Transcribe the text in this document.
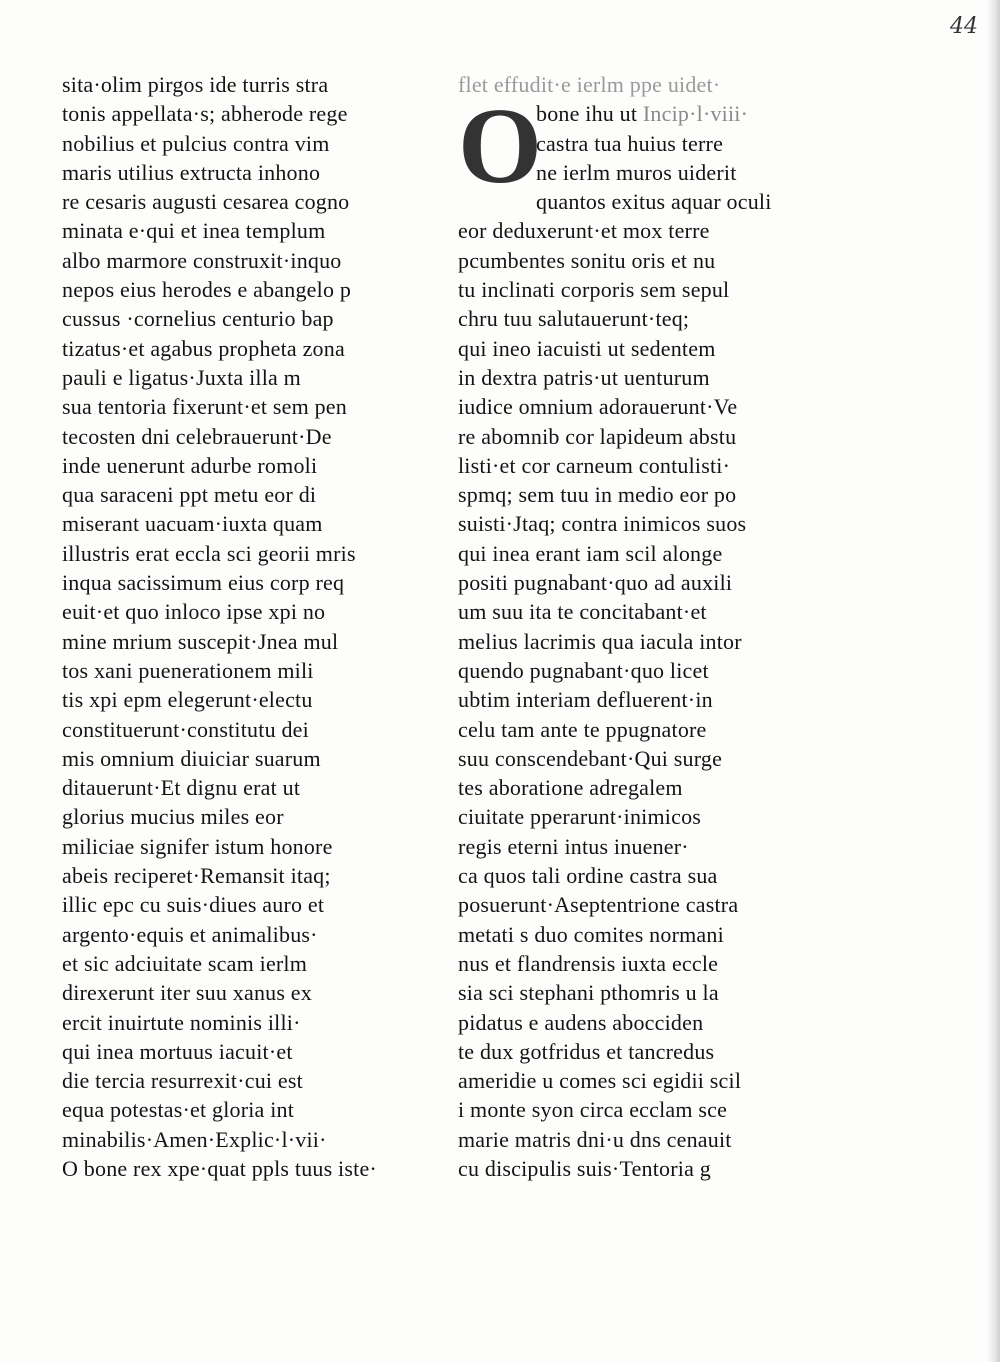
44
sita·olim pirgos ide turris stra
tonis appellata·s; abherode rege
nobilius et pulcius contra vim
maris utilius extructa inhono
re cesaris augusti cesarea cogno
minata e·qui et inea templum
albo marmore construxit·inquo
nepos eius herodes e abangelo p
cussus ·cornelius centurio bap
tizatus·et agabus propheta zona
pauli e ligatus·Juxta illa m
sua tentoria fixerunt·et sem pen
tecosten dni celebrauerunt·De
inde uenerunt adurbe romoli
qua saraceni ppt metu eor di
miserant uacuam·iuxta quam
illustris erat eccla sci georii mris
inqua sacissimum eius corp req
euit·et quo inloco ipse xpi no
mine mrium suscepit·Jnea mul
tos xani puenerationem mili
tis xpi epm elegerunt·electu
constituerunt·constitutu dei
mis omnium diuiciar suarum
ditauerunt·Et dignu erat ut
glorius mucius miles eor
miliciae signifer istum honore
abeis reciperet·Remansit itaq;
illic epc cu suis·diues auro et
argento·equis et animalibus·
et sic adciuitate scam ierlm
direxerunt iter suu xanus ex
ercit inuirtute nominis illi·
qui inea mortuus iacuit·et
die tercia resurrexit·cui est
equa potestas·et gloria int
minabilis·Amen·Explic·l·vii·
O bone rex xpe·quat ppls tuus iste·
flet effudit·e ierlm ppe uidet·
O
bone ihu ut Incip·l·viii·
castra tua huius terre
ne ierlm muros uiderit
quantos exitus aquar oculi
eor deduxerunt·et mox terre
pcumbentes sonitu oris et nu
tu inclinati corporis sem sepul
chru tuu salutauerunt·teq;
qui ineo iacuisti ut sedentem
in dextra patris·ut uenturum
iudice omnium adorauerunt·Ve
re abomnib cor lapideum abstu
listi·et cor carneum contulisti·
spmq; sem tuu in medio eor po
suisti·Jtaq; contra inimicos suos
qui inea erant iam scil alonge
positi pugnabant·quo ad auxili
um suu ita te concitabant·et
melius lacrimis qua iacula intor
quendo pugnabant·quo licet
ubtim interiam defluerent·in
celu tam ante te ppugnatore
suu conscendebant·Qui surge
tes aboratione adregalem
ciuitate pperarunt·inimicos
regis eterni intus inuener·
ca quos tali ordine castra sua
posuerunt·Aseptentrione castra
metati s duo comites normani
nus et flandrensis iuxta eccle
sia sci stephani pthomris u la
pidatus e audens abocciden
te dux gotfridus et tancredus
ameridie u comes sci egidii scil
i monte syon circa ecclam sce
marie matris dni·u dns cenauit
cu discipulis suis·Tentoria g
